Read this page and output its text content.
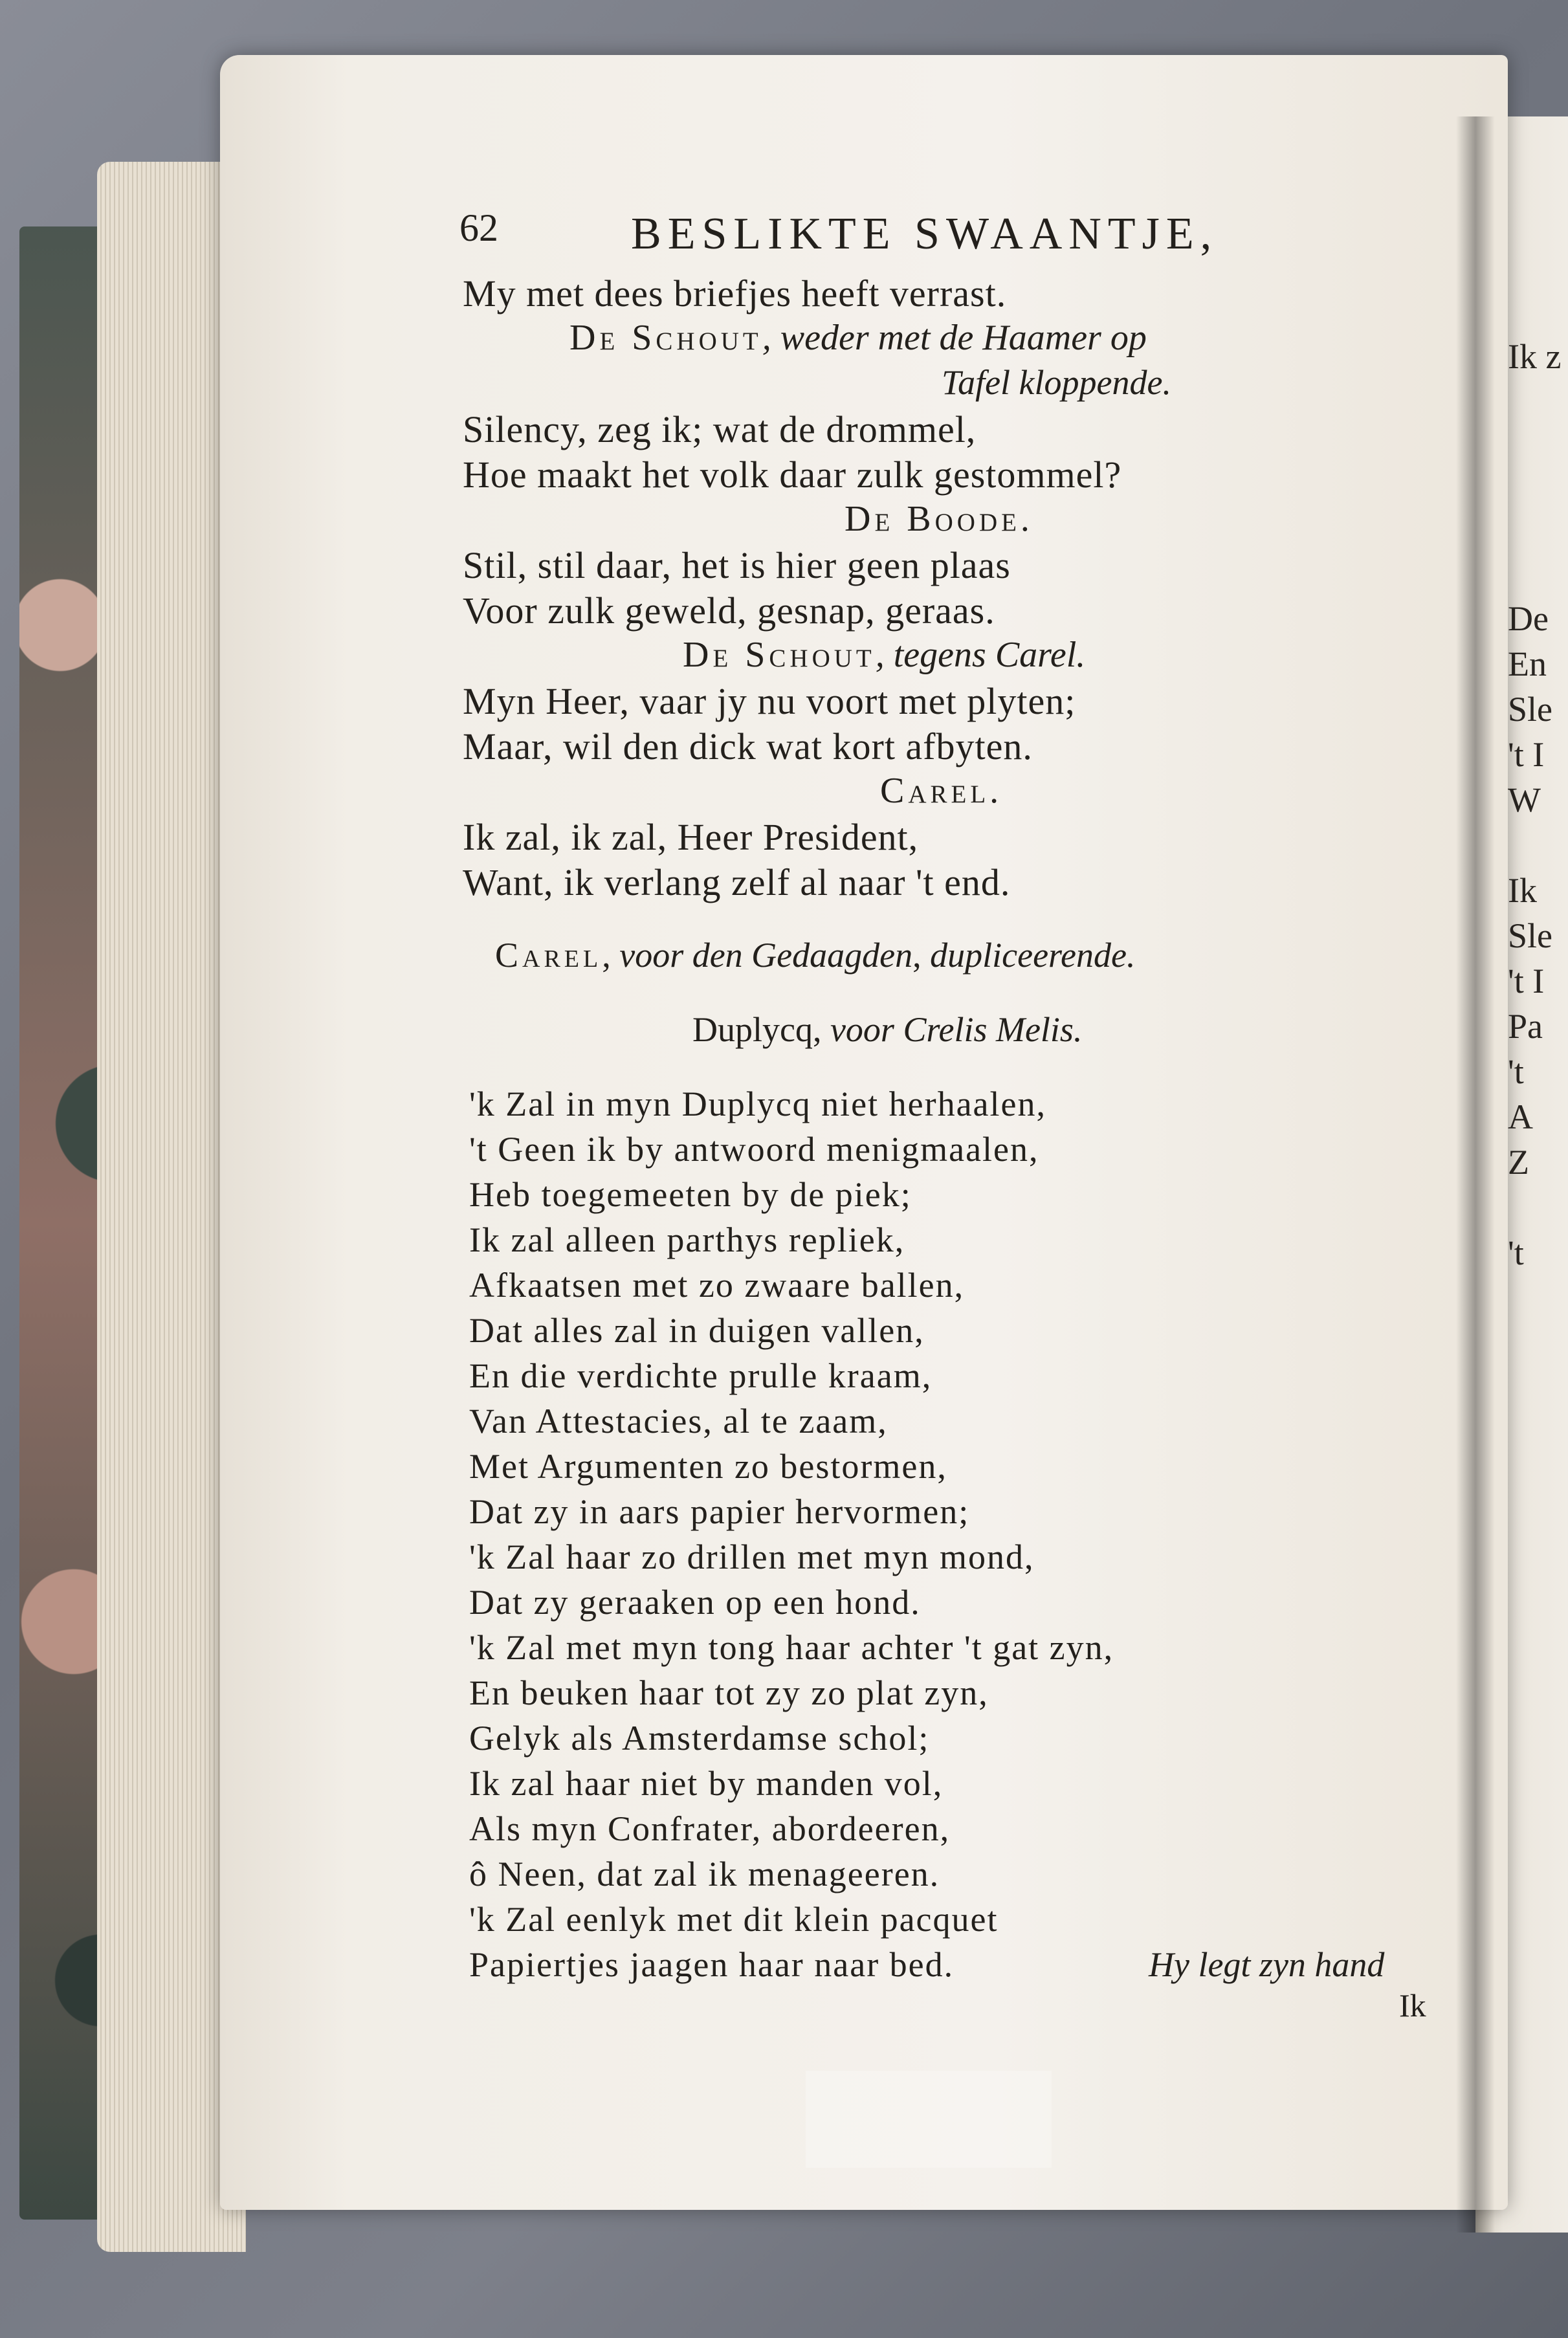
Ik z
De
En
Sle
't I
W
Ik
Sle
't I
Pa
't
A
Z
't
62	BESLIKTE SWAANTJE,
My met dees briefjes heeft verrast.
De Schout, weder met de Haamer op
Tafel kloppende.
Silency, zeg ik; wat de drommel,
Hoe maakt het volk daar zulk gestommel?
De Boode.
Stil, stil daar, het is hier geen plaas
Voor zulk geweld, gesnap, geraas.
De Schout, tegens Carel.
Myn Heer, vaar jy nu voort met plyten;
Maar, wil den dick wat kort afbyten.
Carel.
Ik zal, ik zal, Heer President,
Want, ik verlang zelf al naar 't end.
Carel, voor den Gedaagden, dupliceerende.
Duplycq, voor Crelis Melis.
'k Zal in myn Duplycq niet herhaalen,
't Geen ik by antwoord menigmaalen,
Heb toegemeeten by de piek;
Ik zal alleen parthys repliek,
Afkaatsen met zo zwaare ballen,
Dat alles zal in duigen vallen,
En die verdichte prulle kraam,
Van Attestacies, al te zaam,
Met Argumenten zo bestormen,
Dat zy in aars papier hervormen;
'k Zal haar zo drillen met myn mond,
Dat zy geraaken op een hond.
'k Zal met myn tong haar achter 't gat zyn,
En beuken haar tot zy zo plat zyn,
Gelyk als Amsterdamse schol;
Ik zal haar niet by manden vol,
Als myn Confrater, abordeeren,
ô Neen, dat zal ik menageeren.
'k Zal eenlyk met dit klein pacquet
Papiertjes jaagen haar naar bed.	Hy legt zyn hand
Ik
